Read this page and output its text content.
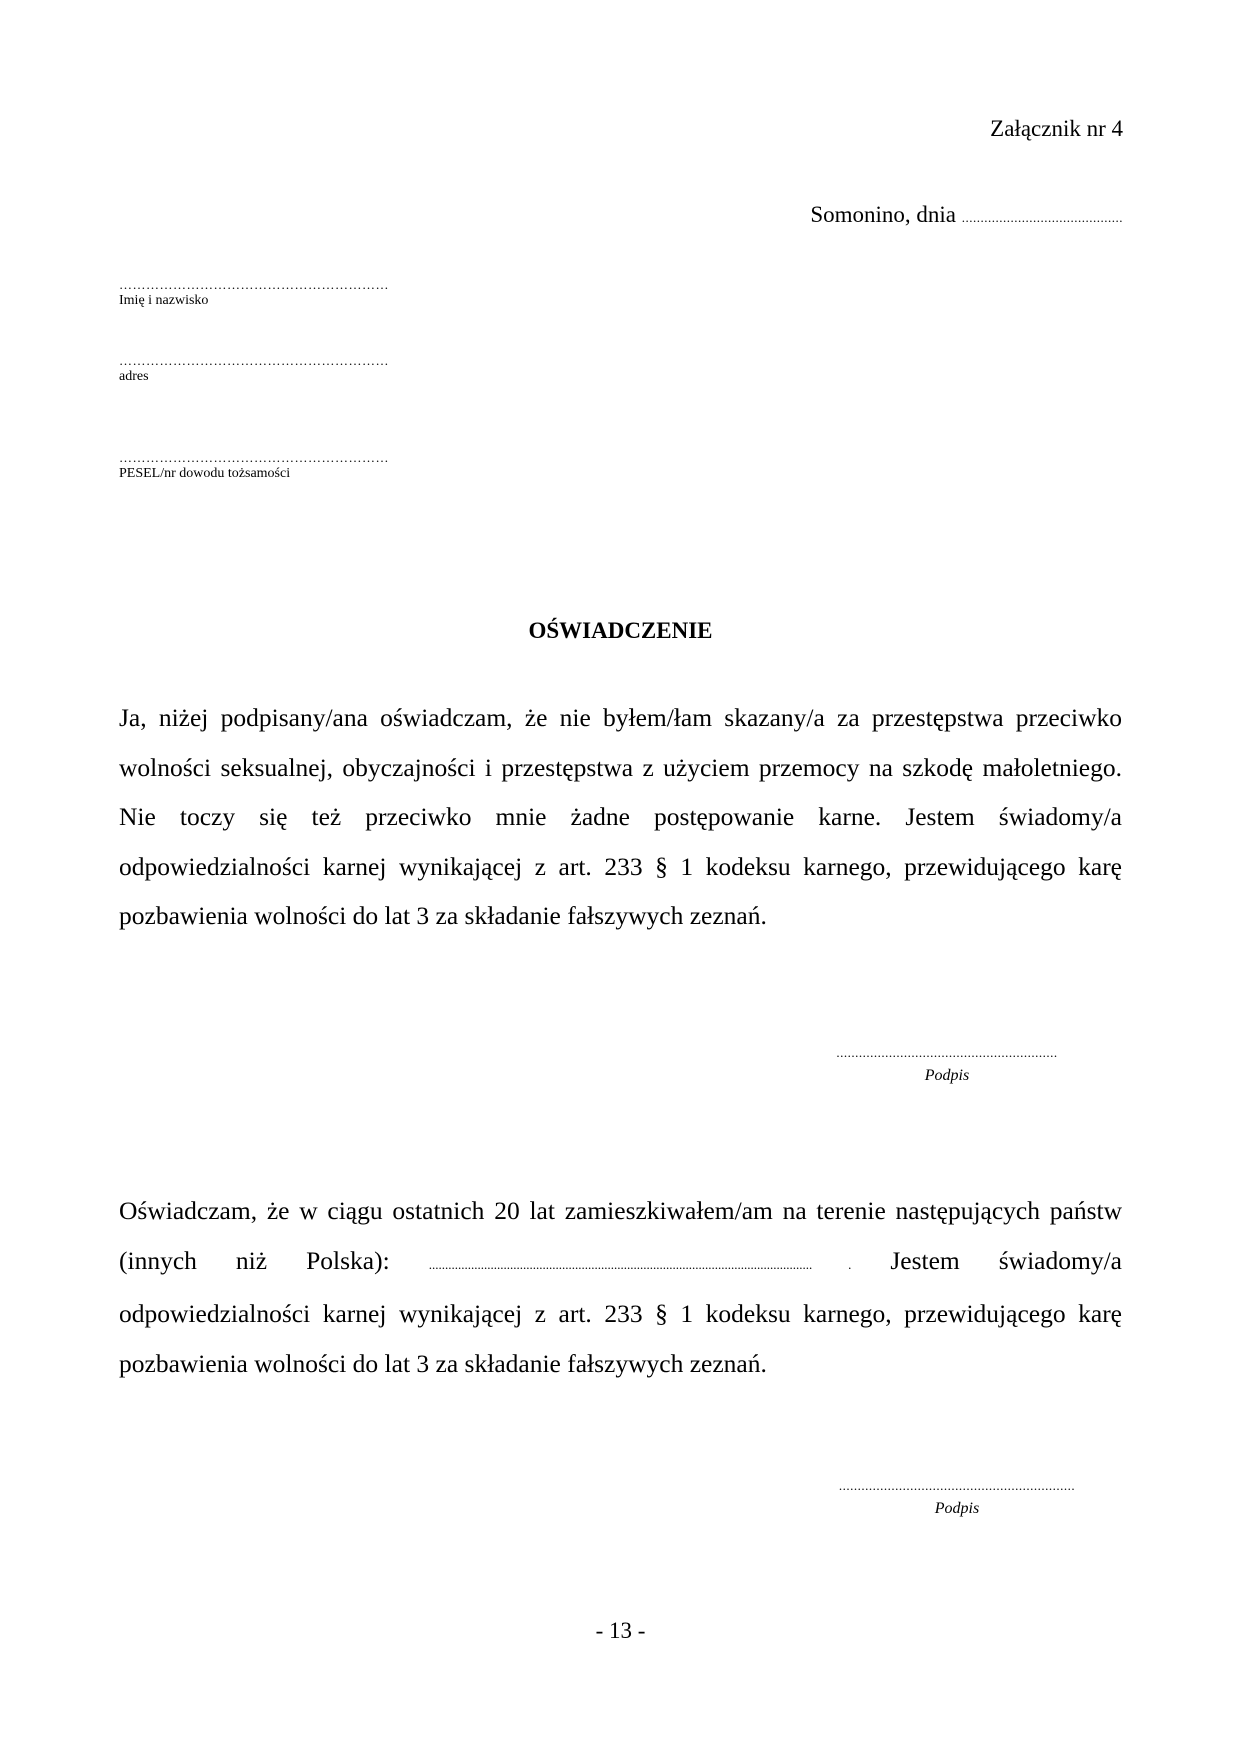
Załącznik nr 4
Somonino, dnia ...........................................
……………………………………………………
Imię i nazwisko
……………………………………………………
adres
……………………………………………………
PESEL/nr dowodu tożsamości
OŚWIADCZENIE
Ja, niżej podpisany/ana oświadczam, że nie byłem/łam skazany/a za przestępstwa przeciwko wolności seksualnej, obyczajności i przestępstwa z użyciem przemocy na szkodę małoletniego. Nie toczy się też przeciwko mnie żadne postępowanie karne. Jestem świadomy/a odpowiedzialności karnej wynikającej z art. 233 § 1 kodeksu karnego, przewidującego karę pozbawienia wolności do lat 3 za składanie fałszywych zeznań.
...........................................................
Podpis
Oświadczam, że w ciągu ostatnich 20 lat zamieszkiwałem/am na terenie następujących państw (innych niż Polska):	...................................................................................................................... . Jestem świadomy/a odpowiedzialności karnej wynikającej z art. 233 § 1 kodeksu karnego, przewidującego karę pozbawienia wolności do lat 3 za składanie fałszywych zeznań.
...............................................................
Podpis
- 13 -
